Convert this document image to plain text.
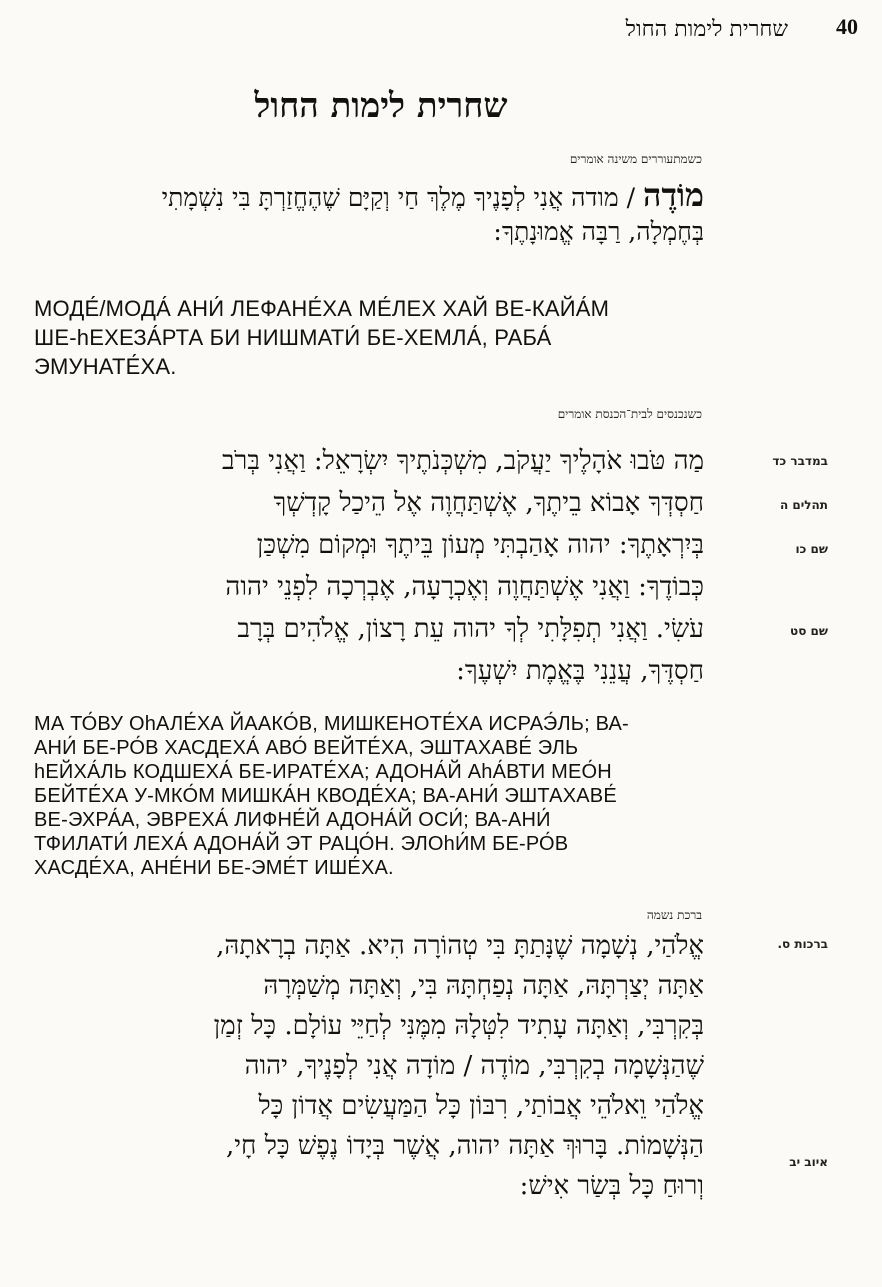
40
שחרית לימות החול
שחרית לימות החול
כשמתעוררים משינה אומרים
מוֹדֶה / מודה אֲנִי לְפָנֶיךָ מֶלֶךְ חַי וְקַיָּם שֶׁהֶחֱזַרְתָּ בִּי נִשְׁמָתִי
בְּחֶמְלָה, רַבָּה אֱמוּנָתֶךָ:
МОДЕ́/МОДА́ АНИ́ ЛЕФАНЕ́ХА МЕ́ЛЕХ ХАЙ ВЕ-КАЙА́М
ШЕ-hЕХЕЗА́РТА БИ НИШМАТИ́ БЕ-ХЕМЛА́, РАБА́
ЭМУНАТЕ́ХА.
כשנכנסים לבית־הכנסת אומרים
במדבר כד
תהלים ה
שם כו
שם סט
מַה טֹּבוּ אֹהָלֶיךָ יַעֲקֹב, מִשְׁכְּנֹתֶיךָ יִשְׂרָאֵל: וַאֲנִי בְּרֹב
חַסְדְּךָ אָבוֹא בֵיתֶךָ, אֶשְׁתַּחֲוֶה אֶל הֵיכַל קָדְשְׁךָ
בְּיִרְאָתֶךָ: יהוה אָהַבְתִּי מְעוֹן בֵּיתֶךָ וּמְקוֹם מִשְׁכַּן
כְּבוֹדֶךָ: וַאֲנִי אֶשְׁתַּחֲוֶה וְאֶכְרָעָה, אֶבְרְכָה לִפְנֵי יהוה
עֹשִׂי. וַאֲנִי תְפִלָּתִי לְךָ יהוה עֵת רָצוֹן, אֱלֹהִים בְּרָב
חַסְדֶּךָ, עֲנֵנִי בֶּאֱמֶת יִשְׁעֶךָ:
МА ТО́ВУ ОhАЛЕ́ХА ЙААКО́В, МИШКЕНОТЕ́ХА ИСРАЭ́ЛЬ; ВА-
АНИ́ БЕ-РО́В ХАСДЕХА́ АВО́ ВЕЙТЕ́ХА, ЭШТАХАВЕ́ ЭЛЬ
hЕЙХА́ЛЬ КОДШЕХА́ БЕ-ИРАТЕ́ХА; АДОНА́Й АhА́ВТИ МЕО́Н
БЕЙТЕ́ХА У-МКО́М МИШКА́Н КВОДЕ́ХА; ВА-АНИ́ ЭШТАХАВЕ́
ВЕ-ЭХРА́А, ЭВРЕХА́ ЛИФНЕ́Й АДОНА́Й ОСИ́; ВА-АНИ́
ТФИЛАТИ́ ЛЕХА́ АДОНА́Й ЭТ РАЦО́Н. ЭЛОhИ́М БЕ-РО́В
ХАСДЕ́ХА, АНЕ́НИ БЕ-ЭМЕ́Т ИШЕ́ХА.
ברכת נשמה
ברכות ס.
איוב יב
אֱלֹהַי, נְשָׁמָה שֶׁנָּתַתָּ בִּי טְהוֹרָה הִיא. אַתָּה בְרָאתָהּ,
אַתָּה יְצַרְתָּהּ, אַתָּה נְפַחְתָּהּ בִּי, וְאַתָּה מְשַׁמְּרָהּ
בְּקִרְבִּי, וְאַתָּה עָתִיד לִטְּלָהּ מִמֶּנִּי לְחַיֵּי עוֹלָם. כָּל זְמַן
שֶׁהַנְּשָׁמָה בְקִרְבִּי, מוֹדֶה / מוֹדָה אֲנִי לְפָנֶיךָ, יהוה
אֱלֹהַי וֵאלֹהֵי אֲבוֹתַי, רִבּוֹן כָּל הַמַּעֲשִׂים אֲדוֹן כָּל
הַנְּשָׁמוֹת. בָּרוּךְ אַתָּה יהוה, אֲשֶׁר בְּיָדוֹ נֶפֶשׁ כָּל חָי,
וְרוּחַ כָּל בְּשַׂר אִישׁ:
